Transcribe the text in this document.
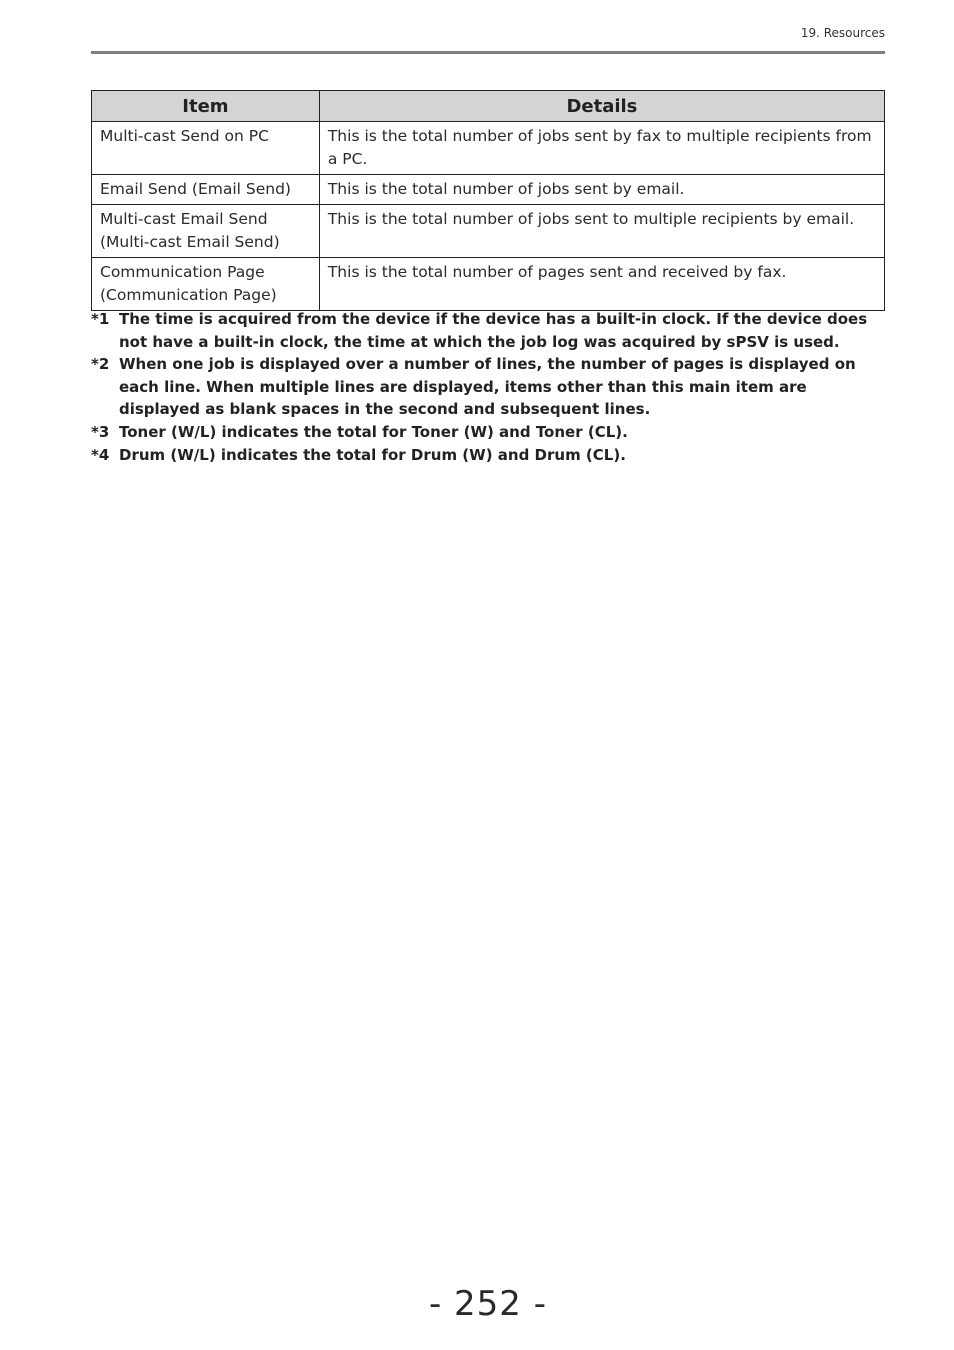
19. Resources
Item	Details
Multi-cast Send on PC	This is the total number of jobs sent by fax to multiple recipients from a PC.
Email Send (Email Send)	This is the total number of jobs sent by email.
Multi-cast Email Send (Multi-cast Email Send)	This is the total number of jobs sent to multiple recipients by email.
Communication Page (Communication Page)	This is the total number of pages sent and received by fax.
*1 The time is acquired from the device if the device has a built-in clock. If the device does not have a built-in clock, the time at which the job log was acquired by sPSV is used.
*2 When one job is displayed over a number of lines, the number of pages is displayed on each line. When multiple lines are displayed, items other than this main item are displayed as blank spaces in the second and subsequent lines.
*3 Toner (W/L) indicates the total for Toner (W) and Toner (CL).
*4 Drum (W/L) indicates the total for Drum (W) and Drum (CL).
- 252 -
